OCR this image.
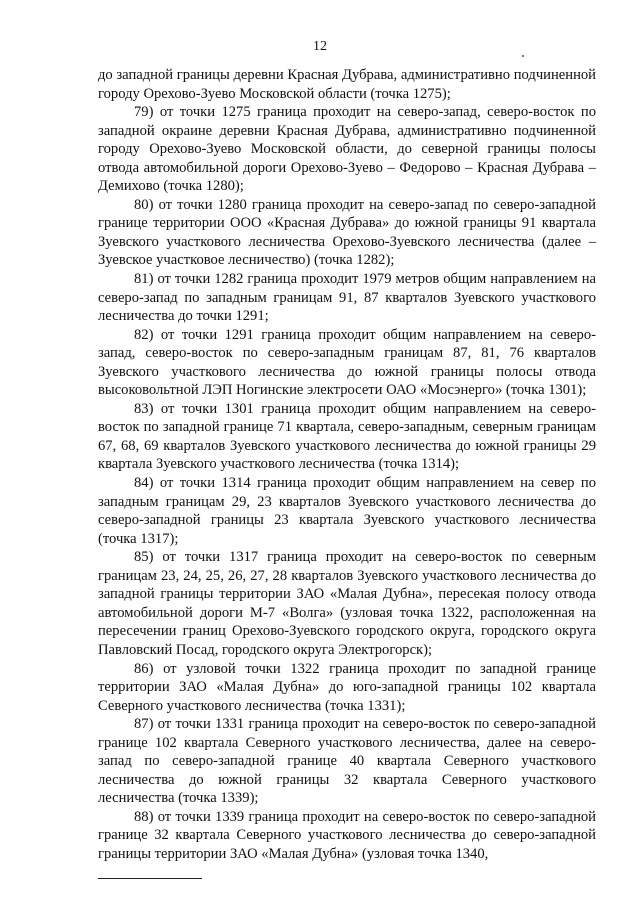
12

до западной границы деревни Красная Дубрава, административно подчиненной городу Орехово-Зуево Московской области (точка 1275);

79) от точки 1275 граница проходит на северо-запад, северо-восток по западной окраине деревни Красная Дубрава, административно подчиненной городу Орехово-Зуево Московской области, до северной границы полосы отвода автомобильной дороги Орехово-Зуево – Федорово – Красная Дубрава – Демихово (точка 1280);

80) от точки 1280 граница проходит на северо-запад по северо-западной границе территории ООО «Красная Дубрава» до южной границы 91 квартала Зуевского участкового лесничества Орехово-Зуевского лесничества (далее – Зуевское участковое лесничество) (точка 1282);

81) от точки 1282 граница проходит 1979 метров общим направлением на северо-запад по западным границам 91, 87 кварталов Зуевского участкового лесничества до точки 1291;

82) от точки 1291 граница проходит общим направлением на северо-запад, северо-восток по северо-западным границам 87, 81, 76 кварталов Зуевского участкового лесничества до южной границы полосы отвода высоковольтной ЛЭП Ногинские электросети ОАО «Мосэнерго» (точка 1301);

83) от точки 1301 граница проходит общим направлением на северо-восток по западной границе 71 квартала, северо-западным, северным границам 67, 68, 69 кварталов Зуевского участкового лесничества до южной границы 29 квартала Зуевского участкового лесничества (точка 1314);

84) от точки 1314 граница проходит общим направлением на север по западным границам 29, 23 кварталов Зуевского участкового лесничества до северо-западной границы 23 квартала Зуевского участкового лесничества (точка 1317);

85) от точки 1317 граница проходит на северо-восток по северным границам 23, 24, 25, 26, 27, 28 кварталов Зуевского участкового лесничества до западной границы территории ЗАО «Малая Дубна», пересекая полосу отвода автомобильной дороги М-7 «Волга» (узловая точка 1322, расположенная на пересечении границ Орехово-Зуевского городского округа, городского округа Павловский Посад, городского округа Электрогорск);

86) от узловой точки 1322 граница проходит по западной границе территории ЗАО «Малая Дубна» до юго-западной границы 102 квартала Северного участкового лесничества (точка 1331);

87) от точки 1331 граница проходит на северо-восток по северо-западной границе 102 квартала Северного участкового лесничества, далее на северо-запад по северо-западной границе 40 квартала Северного участкового лесничества до южной границы 32 квартала Северного участкового лесничества (точка 1339);

88) от точки 1339 граница проходит на северо-восток по северо-западной границе 32 квартала Северного участкового лесничества до северо-западной границы территории ЗАО «Малая Дубна» (узловая точка 1340,
